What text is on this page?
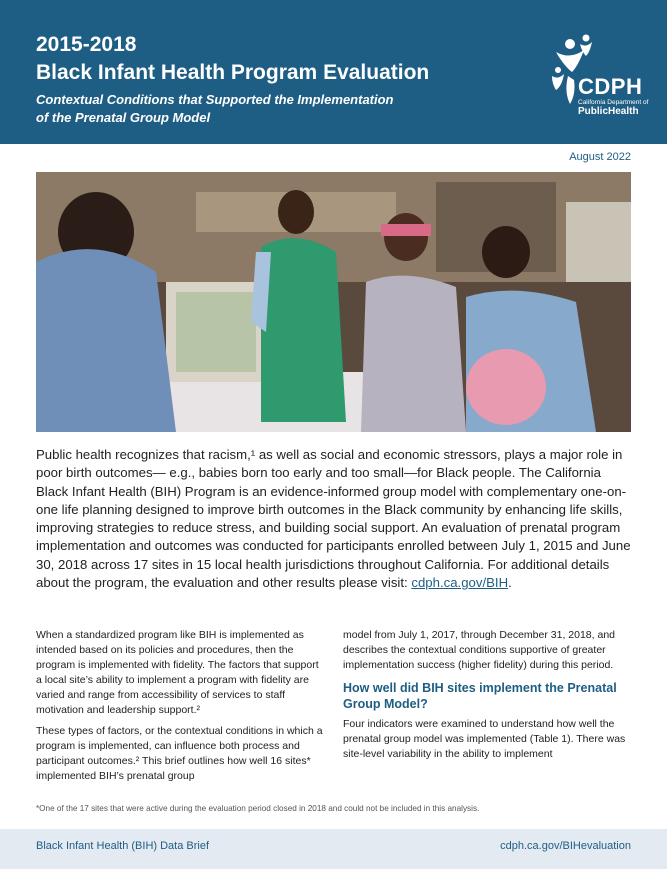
2015-2018
Black Infant Health Program Evaluation
Contextual Conditions that Supported the Implementation
of the Prenatal Group Model
CDPH
California Department of
PublicHealth
August 2022

Public health recognizes that racism,¹ as well as social and economic stressors, plays a major role in poor birth outcomes— e.g., babies born too early and too small—for Black people. The California Black Infant Health (BIH) Program is an evidence-informed group model with complementary one-on-one life planning designed to improve birth outcomes in the Black community by enhancing life skills, improving strategies to reduce stress, and building social support. An evaluation of prenatal program implementation and outcomes was conducted for participants enrolled between July 1, 2015 and June 30, 2018 across 17 sites in 15 local health jurisdictions throughout California. For additional details about the program, the evaluation and other results please visit: cdph.ca.gov/BIH.

When a standardized program like BIH is implemented as intended based on its policies and procedures, then the program is implemented with fidelity. The factors that support a local site’s ability to implement a program with fidelity are varied and range from accessibility of services to staff motivation and leadership support.²

These types of factors, or the contextual conditions in which a program is implemented, can influence both process and participant outcomes.² This brief outlines how well 16 sites* implemented BIH’s prenatal group

model from July 1, 2017, through December 31, 2018, and describes the contextual conditions supportive of greater implementation success (higher fidelity) during this period.

How well did BIH sites implement the Prenatal Group Model?

Four indicators were examined to understand how well the prenatal group model was implemented (Table 1). There was site-level variability in the ability to implement

*One of the 17 sites that were active during the evaluation period closed in 2018 and could not be included in this analysis.
Black Infant Health (BIH) Data Brief	cdph.ca.gov/BIHevaluation
